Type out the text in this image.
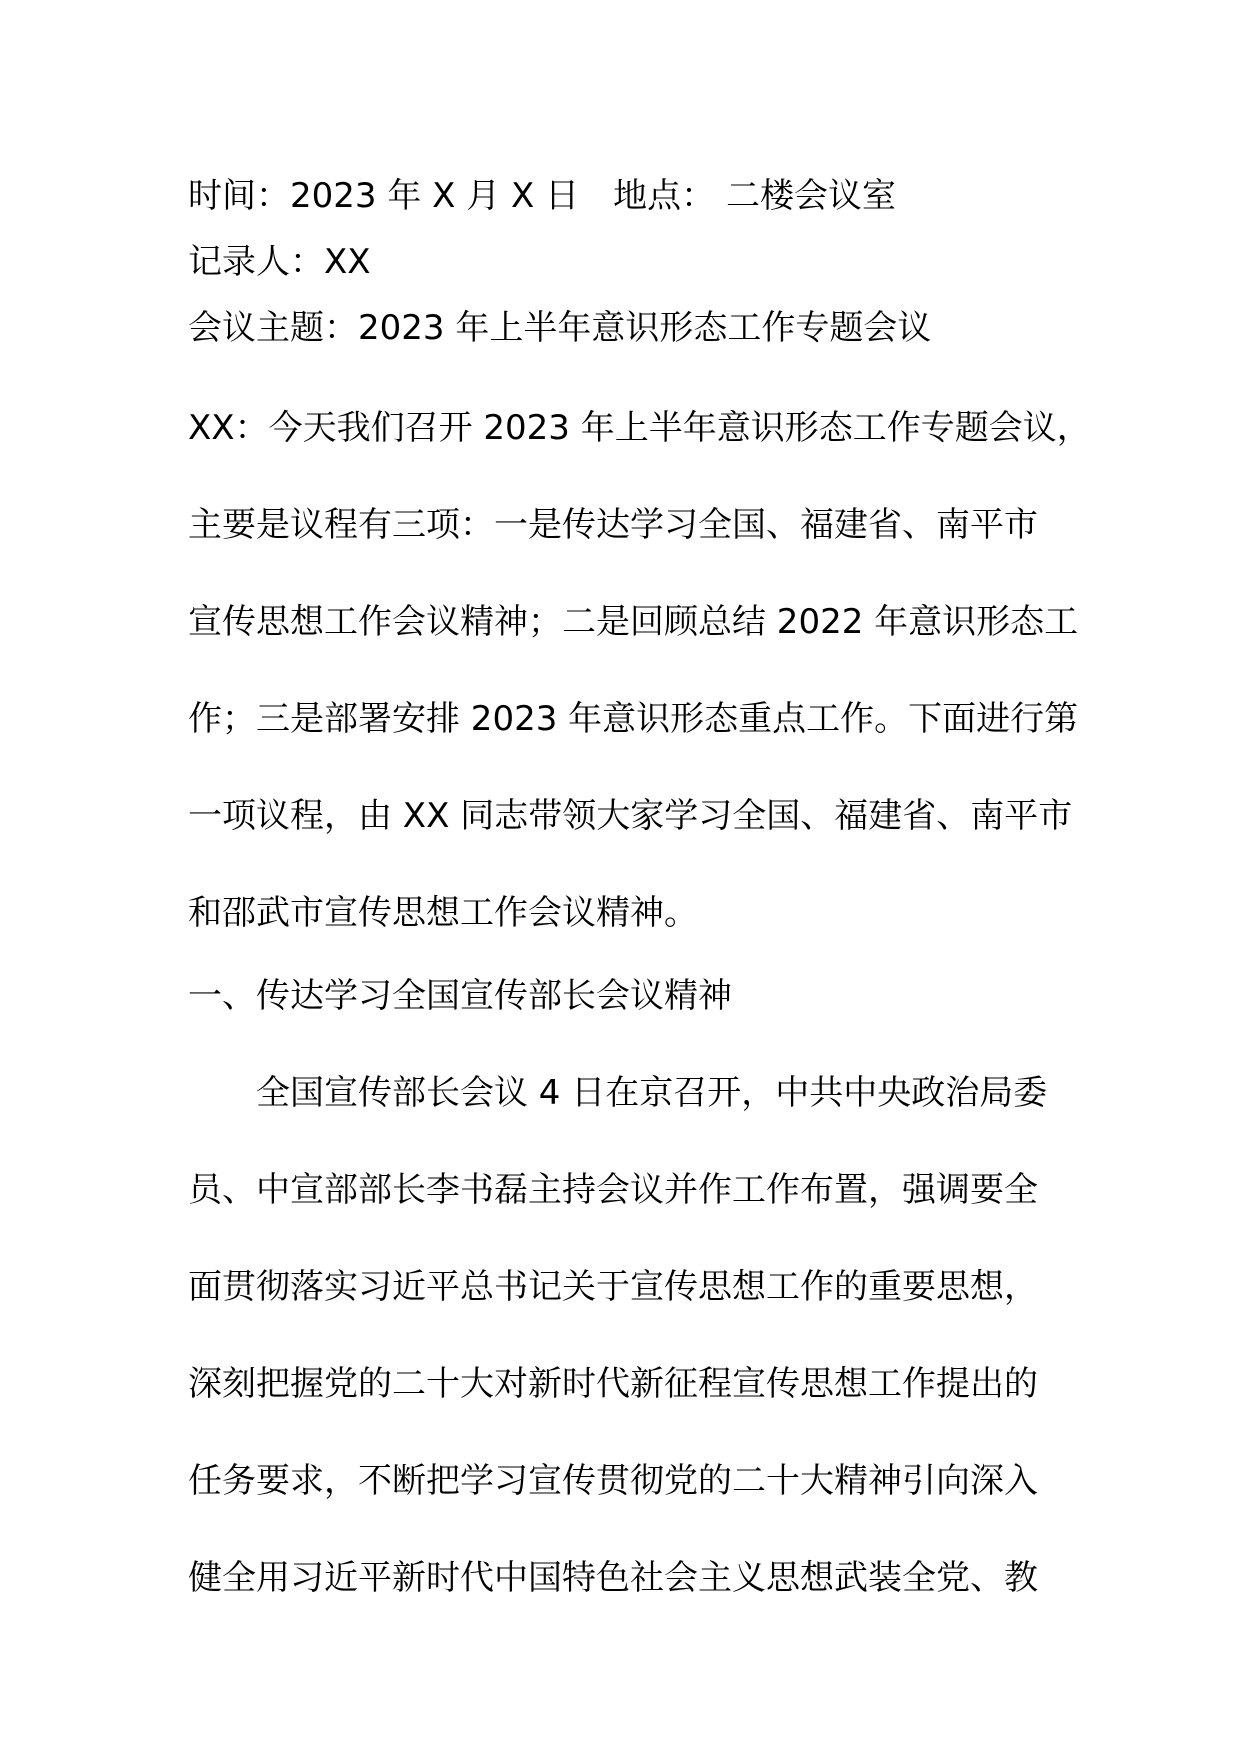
时间：2023 年 X 月 X 日　地点： 二楼会议室
记录人：XX
会议主题：2023 年上半年意识形态工作专题会议
XX：今天我们召开 2023 年上半年意识形态工作专题会议，
主要是议程有三项：一是传达学习全国、福建省、南平市
宣传思想工作会议精神；二是回顾总结 2022 年意识形态工
作；三是部署安排 2023 年意识形态重点工作。下面进行第
一项议程，由 XX 同志带领大家学习全国、福建省、南平市
和邵武市宣传思想工作会议精神。
一、传达学习全国宣传部长会议精神
全国宣传部长会议 4 日在京召开，中共中央政治局委
员、中宣部部长李书磊主持会议并作工作布置，强调要全
面贯彻落实习近平总书记关于宣传思想工作的重要思想，
深刻把握党的二十大对新时代新征程宣传思想工作提出的
任务要求，不断把学习宣传贯彻党的二十大精神引向深入
健全用习近平新时代中国特色社会主义思想武装全党、教
